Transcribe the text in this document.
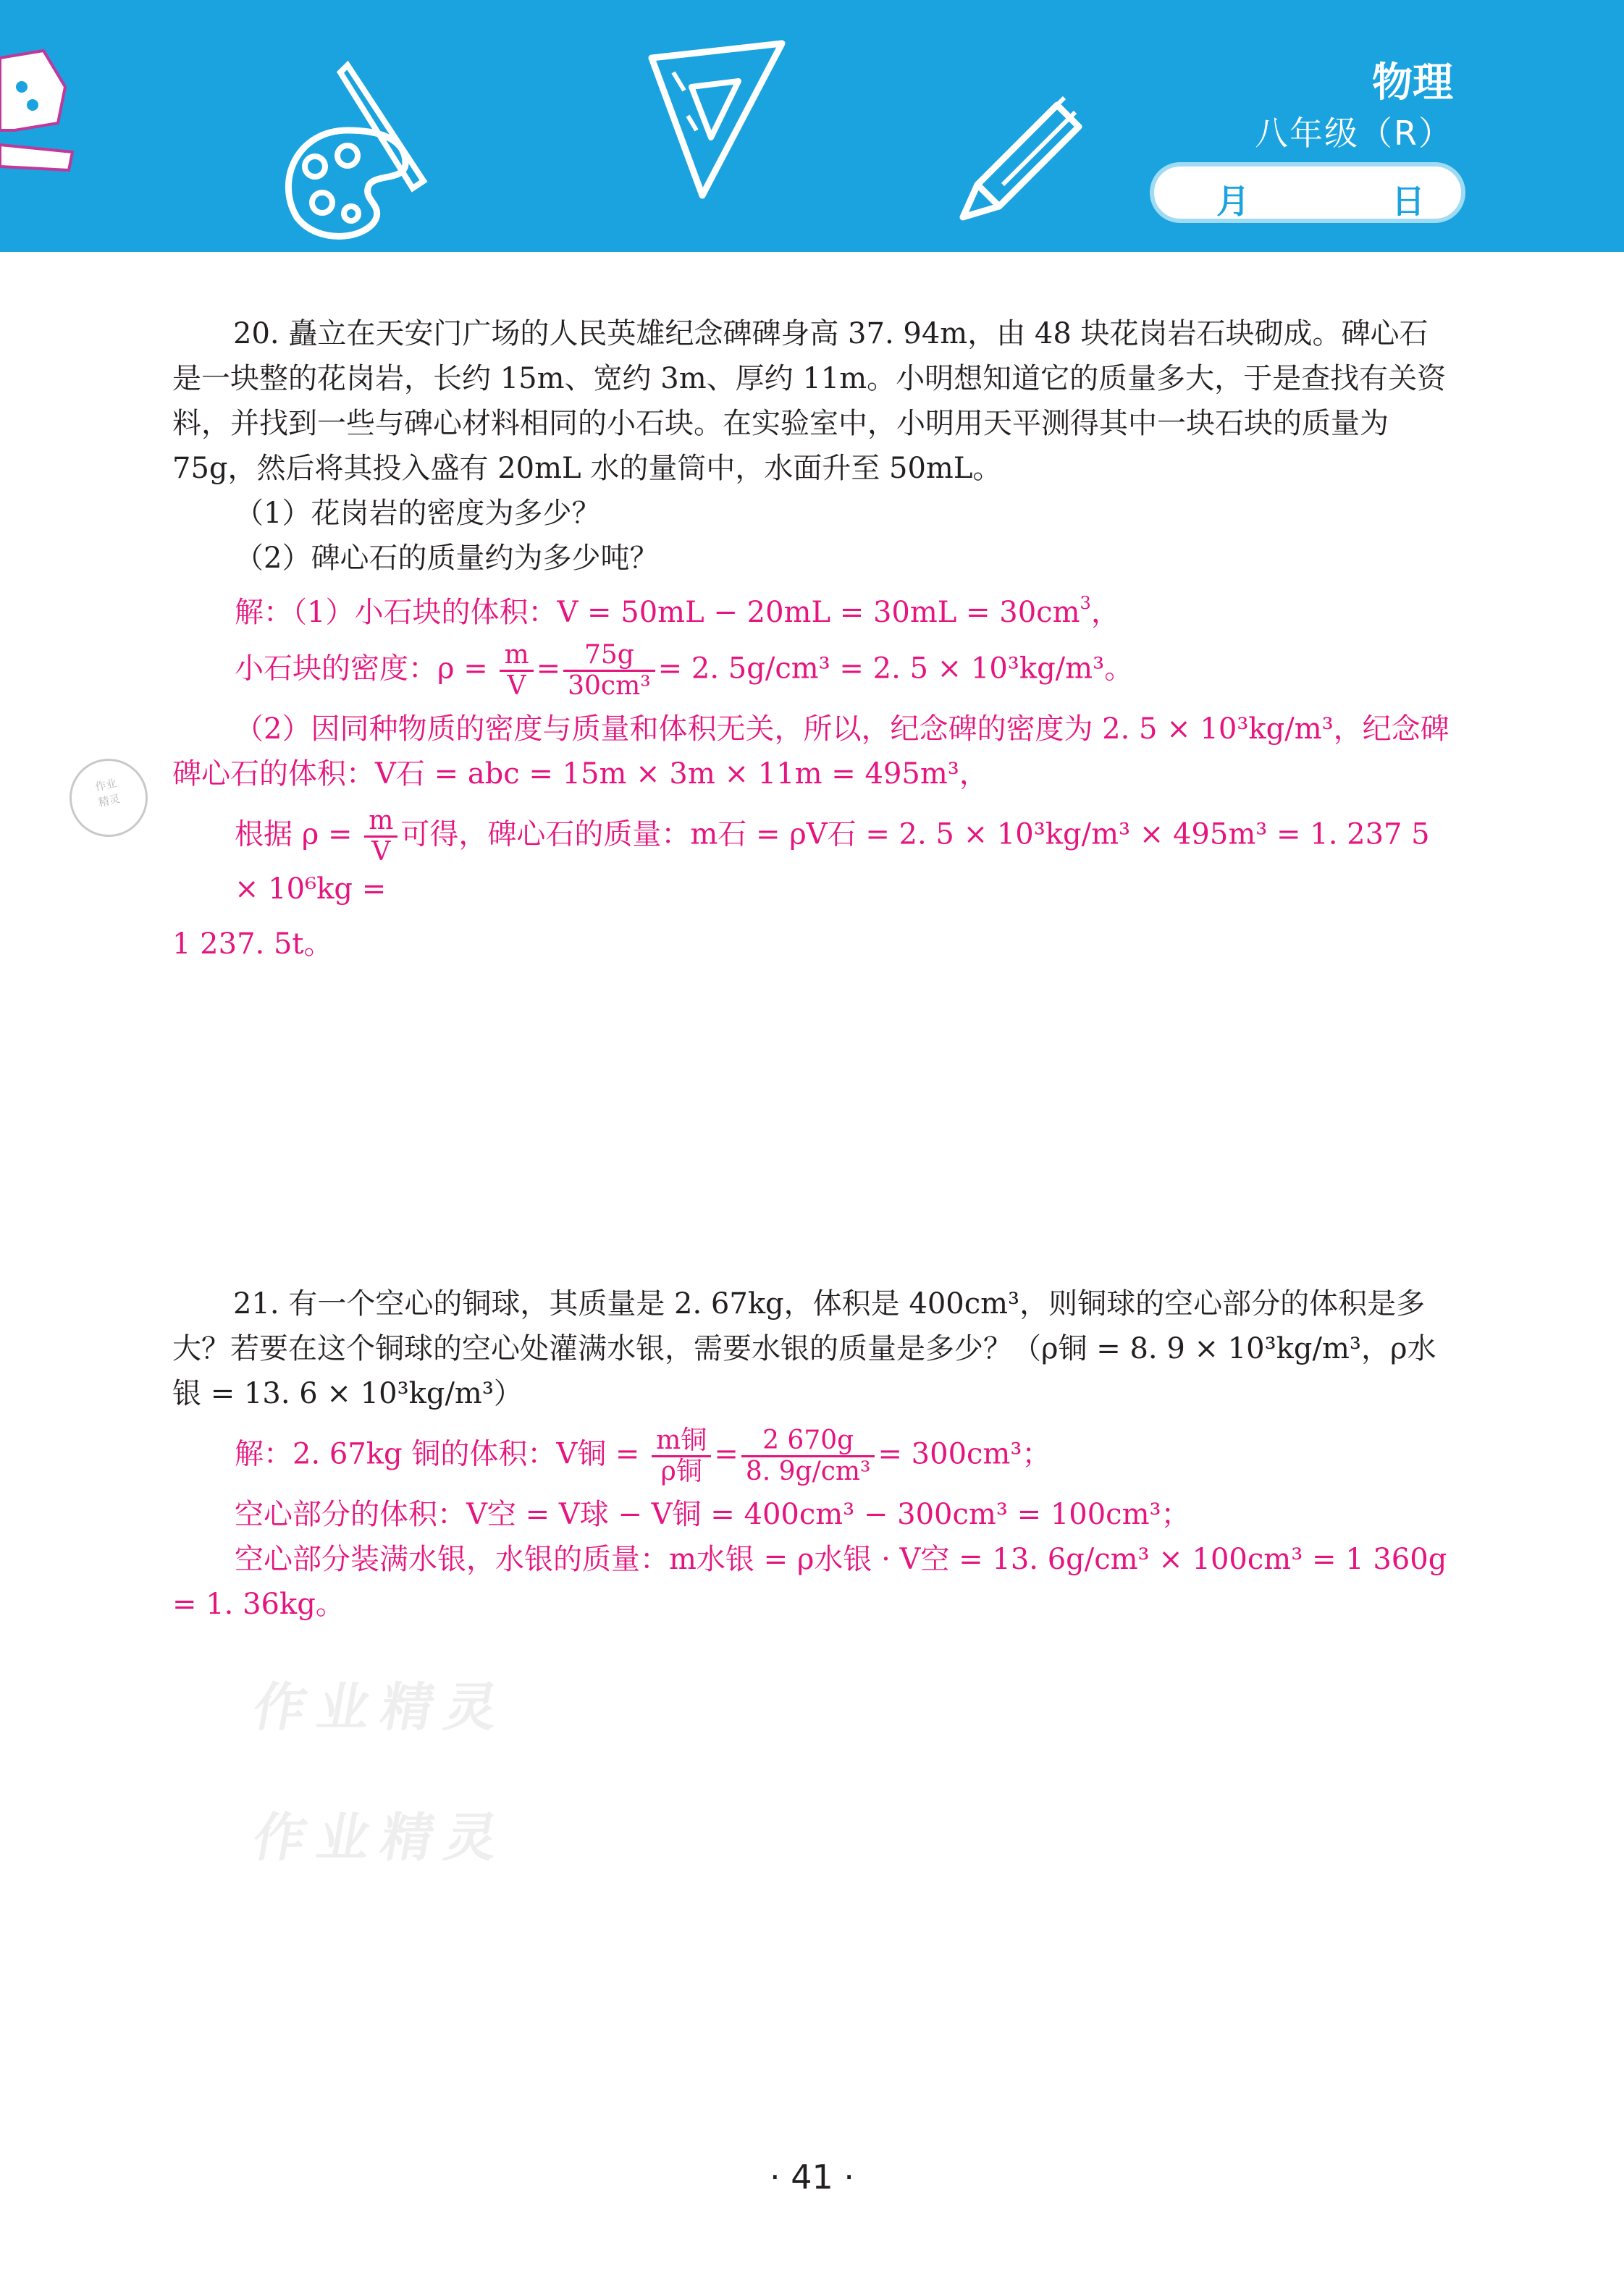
物理
八年级（R）
月	日
作业
精灵

20. 矗立在天安门广场的人民英雄纪念碑碑身高 37. 94m，由 48 块花岗岩石块砌成。碑心石是一块整的花岗岩，长约 15m、宽约 3m、厚约 11m。小明想知道它的质量多大，于是查找有关资料，并找到一些与碑心材料相同的小石块。在实验室中，小明用天平测得其中一块石块的质量为 75g，然后将其投入盛有 20mL 水的量筒中，水面升至 50mL。

（1）花岗岩的密度为多少？

（2）碑心石的质量约为多少吨？

解：（1）小石块的体积：$V = 50mL - 20mL = 30mL = 30cm^3$，

小石块的密度：$\rho = \frac{m}{V} = \frac{75g}{\text{30cm³}} = 2$. 5g/cm³ = 2. 5 × 10³kg/m³。

（2）因同种物质的密度与质量和体积无关，所以，纪念碑的密度为 2. 5 × 10³kg/m³，纪念碑碑心石的体积：V石 = abc = 15m × 3m × 11m = 495m³，

根据 $\rho = \frac{m}{V}$ 可得，碑心石的质量：m石 = ρV石 = 2. 5 × 10³kg/m³ × 495m³ = 1. 237 5 × 10⁶kg =

1 237. 5t。

21. 有一个空心的铜球，其质量是 2. 67kg，体积是 400cm³，则铜球的空心部分的体积是多大？若要在这个铜球的空心处灌满水银，需要水银的质量是多少？（ρ铜 = 8. 9 × 10³kg/m³，ρ水银 = 13. 6 × 10³kg/m³）

解：2. 67kg 铜的体积：V铜 = $\frac{\text{m铜}}{\text{ρ铜}} = \frac{2 670g}{\text{8. 9g/cm³}} = 300cm^3$；

空心部分的体积：V空 = V球 − V铜 = 400cm³ − 300cm³ = 100cm³；

空心部分装满水银，水银的质量：m水银 = ρ水银 · V空 = 13. 6g/cm³ × 100cm³ = 1 360g

= 1. 36kg。

作业精灵
作业精灵
· 41 ·
